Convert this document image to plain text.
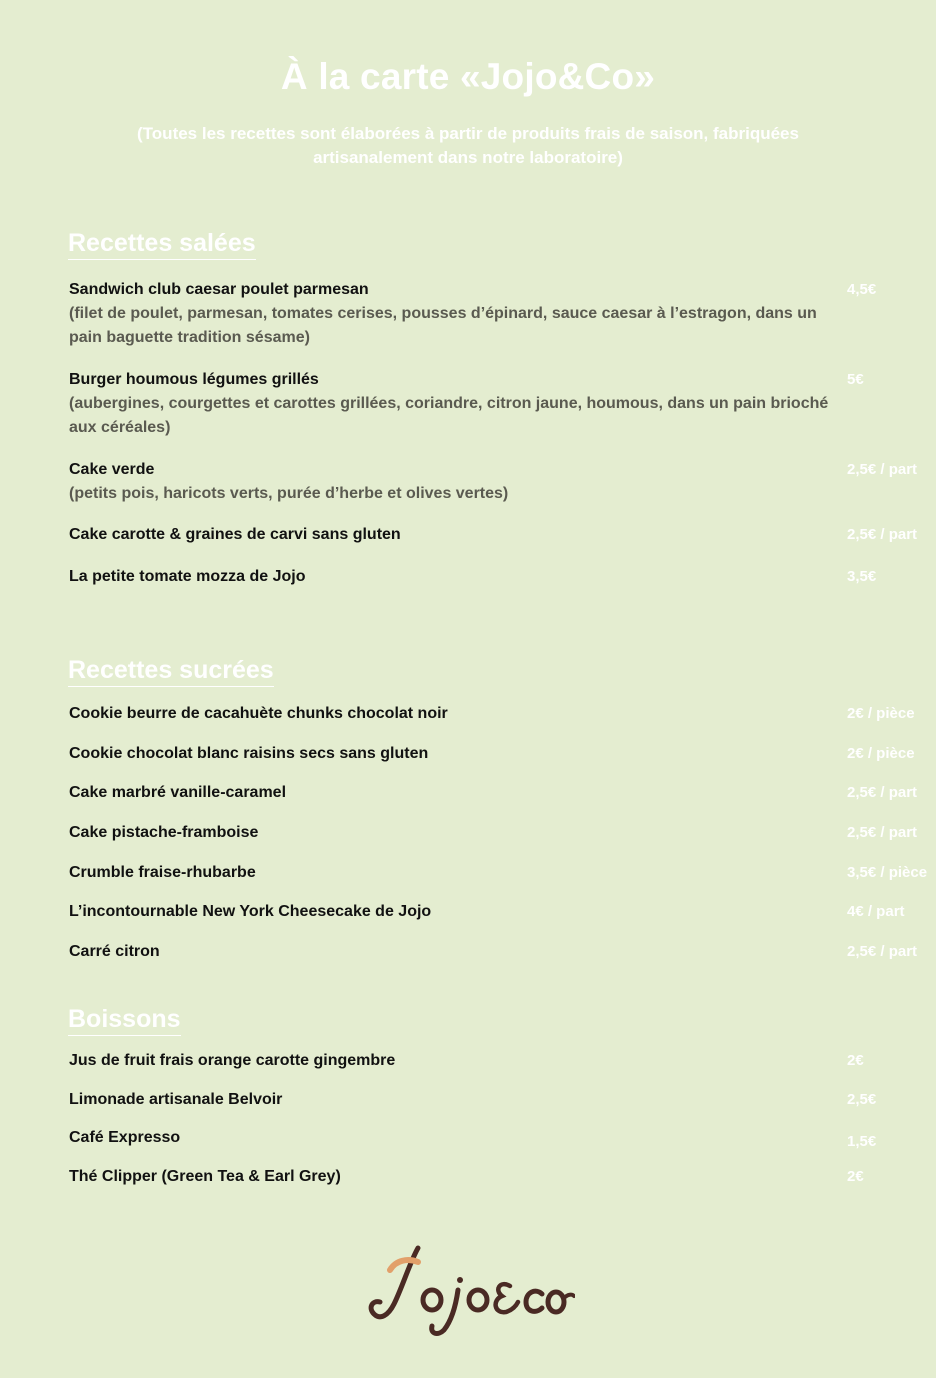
À la carte «Jojo&Co»
(Toutes les recettes sont élaborées à partir de produits frais de saison, fabriquées artisanalement dans notre laboratoire)
Recettes salées
Sandwich club caesar poulet parmesan
(filet de poulet, parmesan, tomates cerises, pousses d’épinard, sauce caesar à l’estragon, dans un pain baguette tradition sésame)
4,5€
Burger houmous légumes grillés
(aubergines, courgettes et carottes grillées, coriandre, citron jaune, houmous, dans un pain brioché aux céréales)
5€
Cake verde
(petits pois, haricots verts, purée d’herbe et olives vertes)
2,5€ / part
Cake carotte & graines de carvi sans gluten	2,5€ / part
La petite tomate mozza de Jojo	3,5€
Recettes sucrées
Cookie beurre de cacahuète chunks chocolat noir	2€ / pièce
Cookie chocolat blanc raisins secs sans gluten	2€ / pièce
Cake marbré vanille-caramel	2,5€ / part
Cake pistache-framboise	2,5€ / part
Crumble fraise-rhubarbe	3,5€ / pièce
L’incontournable New York Cheesecake de Jojo	4€ / part
Carré citron	2,5€ / part
Boissons
Jus de fruit frais orange carotte gingembre	2€
Limonade artisanale Belvoir	2,5€
Café Expresso	1,5€
Thé Clipper (Green Tea & Earl Grey)	2€
